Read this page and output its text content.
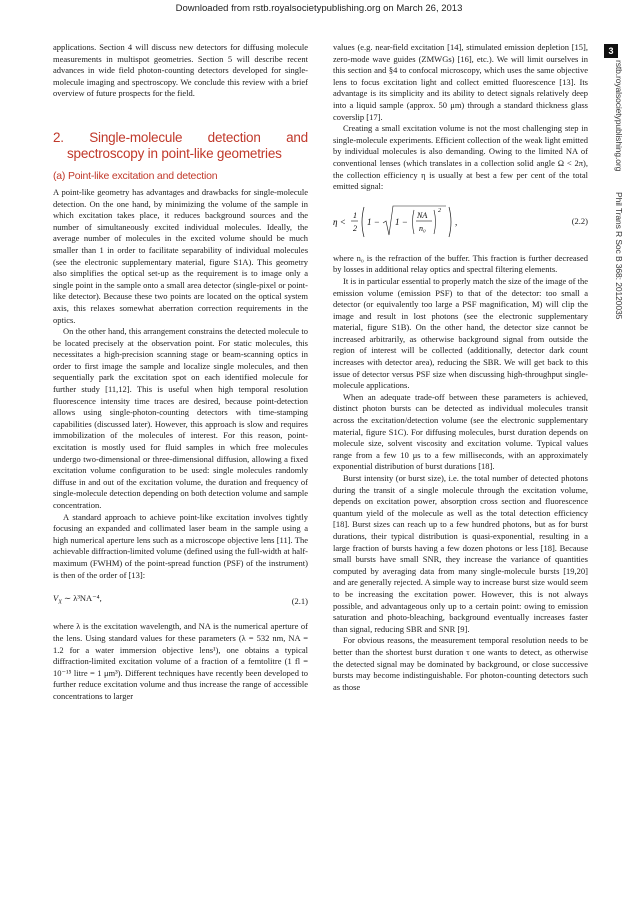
Downloaded from rstb.royalsocietypublishing.org on March 26, 2013

applications. Section 4 will discuss new detectors for diffusing molecule measurements in multispot geometries. Section 5 will describe recent advances in wide field photon-counting detectors developed for single-molecule imaging and spectroscopy. We conclude this review with a brief overview of future prospects for the field.

2. Single-molecule detection and spectroscopy in point-like geometries
(a) Point-like excitation and detection

A point-like geometry has advantages and drawbacks for single-molecule detection. On the one hand, by minimizing the volume of the sample in which excitation takes place, it reduces background sources and the number of simultaneously excited individual molecules. Ideally, the average number of molecules in the excited volume should be much smaller than 1 in order to facilitate separability of individual molecules (see the electronic supplementary material, figure S1A). This geometry also simplifies the optical set-up as the requirement is to image only a single point in the sample onto a small area detector (single-pixel or point-like detector). Because these two points are located on the optical system axis, this relaxes somewhat aberration correction requirements in the optics.

On the other hand, this arrangement constrains the detected molecule to be located precisely at the observation point. For static molecules, this necessitates a high-precision scanning stage or beam-scanning optics in order to first image the sample and localize single molecules, and then sequentially park the excitation spot on each identified molecule for further study [11,12]. This is useful when high temporal resolution fluorescence intensity time traces are desired, because point-detection allows using single-photon-counting detectors with time-stamping capabilities (discussed later). However, this approach is slow and requires immobilization of the molecules of interest. For this reason, point-excitation is mostly used for fluid samples in which free molecules undergo two-dimensional or three-dimensional diffusion, allowing a fixed excitation volume configuration to be used: single molecules randomly diffuse in and out of the excitation volume, the duration and frequency of single-molecule detection depending on both detection volume and sample concentration.

A standard approach to achieve point-like excitation involves tightly focusing an expanded and collimated laser beam in the sample using a high numerical aperture lens such as a microscope objective lens [11]. The achievable diffraction-limited volume (defined using the full-width at half-maximum (FWHM) of the point-spread function (PSF) of the instrument) is then of the order of [13]:

$V_X$ ∼ λ³NA⁻⁴,	(2.1)

where λ is the excitation wavelength, and NA is the numerical aperture of the lens. Using standard values for these parameters (λ = 532 nm, NA = 1.2 for a water immersion objective lens¹), one obtains a typical diffraction-limited excitation volume of a fraction of a femtolitre (1 fl = 10⁻¹⁵ litre = 1 μm³). Different techniques have recently been developed to further reduce excitation volume and thus increase the range of accessible concentrations to larger

values (e.g. near-field excitation [14], stimulated emission depletion [15], zero-mode wave guides (ZMWGs) [16], etc.). We will limit ourselves in this section and §4 to confocal microscopy, which uses the same objective lens to focus excitation light and collect emitted fluorescence [13]. Its advantage is its simplicity and its ability to detect signals relatively deep into a liquid sample (approx. 50 μm) through a standard thickness glass coverslip [17].

Creating a small excitation volume is not the most challenging step in single-molecule experiments. Efficient collection of the weak light emitted by individual molecules is also demanding. Owing to the limited NA of conventional lenses (which translates in a collection solid angle Ω < 2π), the collection efficiency η is usually at best a few per cent of the total emitted signal:

η <
1
2
1 − 1 −
NA
n₀
2
,	(2.2)

where n₀ is the refraction of the buffer. This fraction is further decreased by losses in additional relay optics and spectral filtering elements.

It is in particular essential to properly match the size of the image of the emission volume (emission PSF) to that of the detector: too small a detector (or equivalently too large a PSF magnification, M) will clip the image and result in lost photons (see the electronic supplementary material, figure S1B). On the other hand, the detector size cannot be increased arbitrarily, as otherwise background signal from outside the region of interest will be collected (additionally, detector dark count increases with detector area), reducing the SBR. We will get back to this issue of detector versus PSF size when discussing high-throughput single-molecule applications.

When an adequate trade-off between these parameters is achieved, distinct photon bursts can be detected as individual molecules transit across the excitation/detection volume (see the electronic supplementary material, figure S1C). For diffusing molecules, burst duration depends on molecule size, solvent viscosity and excitation volume. Typical values range from a few 10 μs to a few milliseconds, with an approximately exponential distribution of burst durations [18].

Burst intensity (or burst size), i.e. the total number of detected photons during the transit of a single molecule through the excitation volume, depends on excitation power, absorption cross section and fluorescence quantum yield of the molecule as well as the total detection efficiency [18]. Burst sizes can reach up to a few hundred photons, but as for burst durations, their typical distribution is quasi-exponential, resulting in a large fraction of bursts having a few dozen photons or less [18]. Because small bursts have small SNR, they increase the variance of quantities computed by averaging data from many single-molecule bursts [19,20] and are generally rejected. A simple way to increase burst size would seem to be increasing the excitation power. However, this is not always possible, and advantageous only up to a certain point: owing to emission saturation and photo-bleaching, background eventually increases faster than signal, reducing SBR and SNR [9].

For obvious reasons, the measurement temporal resolution needs to be better than the shortest burst duration τ one wants to detect, as otherwise the detected signal may be dominated by background, or close successive bursts may become indistinguishable. For photon-counting detectors such as those

3
rstb.royalsocietypublishing.org Phil Trans R Soc B 368: 20120035
